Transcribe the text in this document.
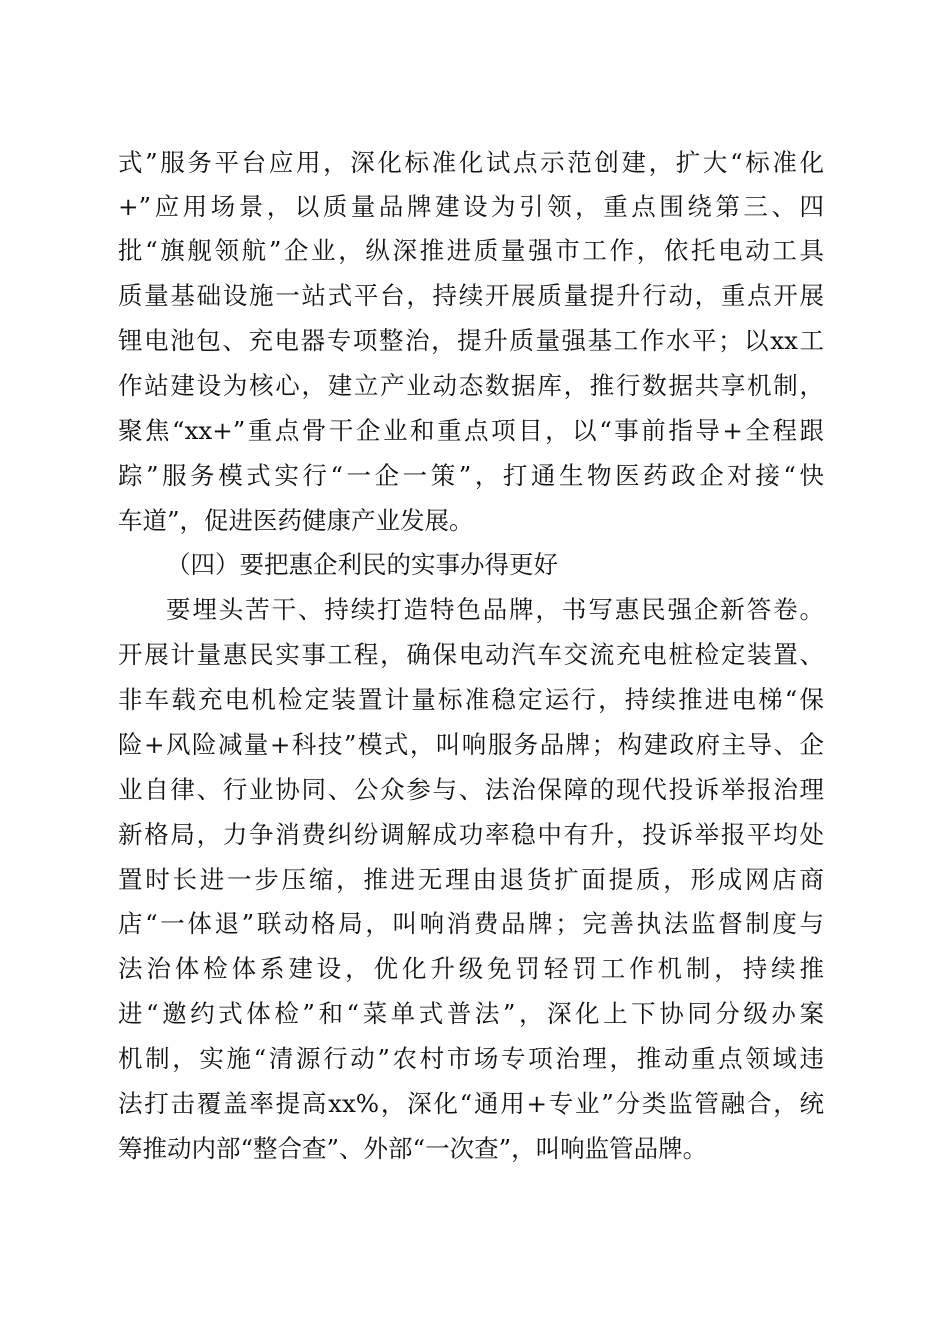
式”服务平台应用，深化标准化试点示范创建，扩大“标准化
+”应用场景，以质量品牌建设为引领，重点围绕第三、四
批“旗舰领航”企业，纵深推进质量强市工作，依托电动工具
质量基础设施一站式平台，持续开展质量提升行动，重点开展
锂电池包、充电器专项整治，提升质量强基工作水平；以xx工
作站建设为核心，建立产业动态数据库，推行数据共享机制，
聚焦“xx+”重点骨干企业和重点项目，以“事前指导+全程跟
踪”服务模式实行“一企一策”，打通生物医药政企对接“快
车道”，促进医药健康产业发展。
（四）要把惠企利民的实事办得更好
要埋头苦干、持续打造特色品牌，书写惠民强企新答卷。
开展计量惠民实事工程，确保电动汽车交流充电桩检定装置、
非车载充电机检定装置计量标准稳定运行，持续推进电梯“保
险+风险减量+科技”模式，叫响服务品牌；构建政府主导、企
业自律、行业协同、公众参与、法治保障的现代投诉举报治理
新格局，力争消费纠纷调解成功率稳中有升，投诉举报平均处
置时长进一步压缩，推进无理由退货扩面提质，形成网店商
店“一体退”联动格局，叫响消费品牌；完善执法监督制度与
法治体检体系建设，优化升级免罚轻罚工作机制，持续推
进“邀约式体检”和“菜单式普法”，深化上下协同分级办案
机制，实施“清源行动”农村市场专项治理，推动重点领域违
法打击覆盖率提高xx%，深化“通用+专业”分类监管融合，统
筹推动内部“整合查”、外部“一次查”，叫响监管品牌。
